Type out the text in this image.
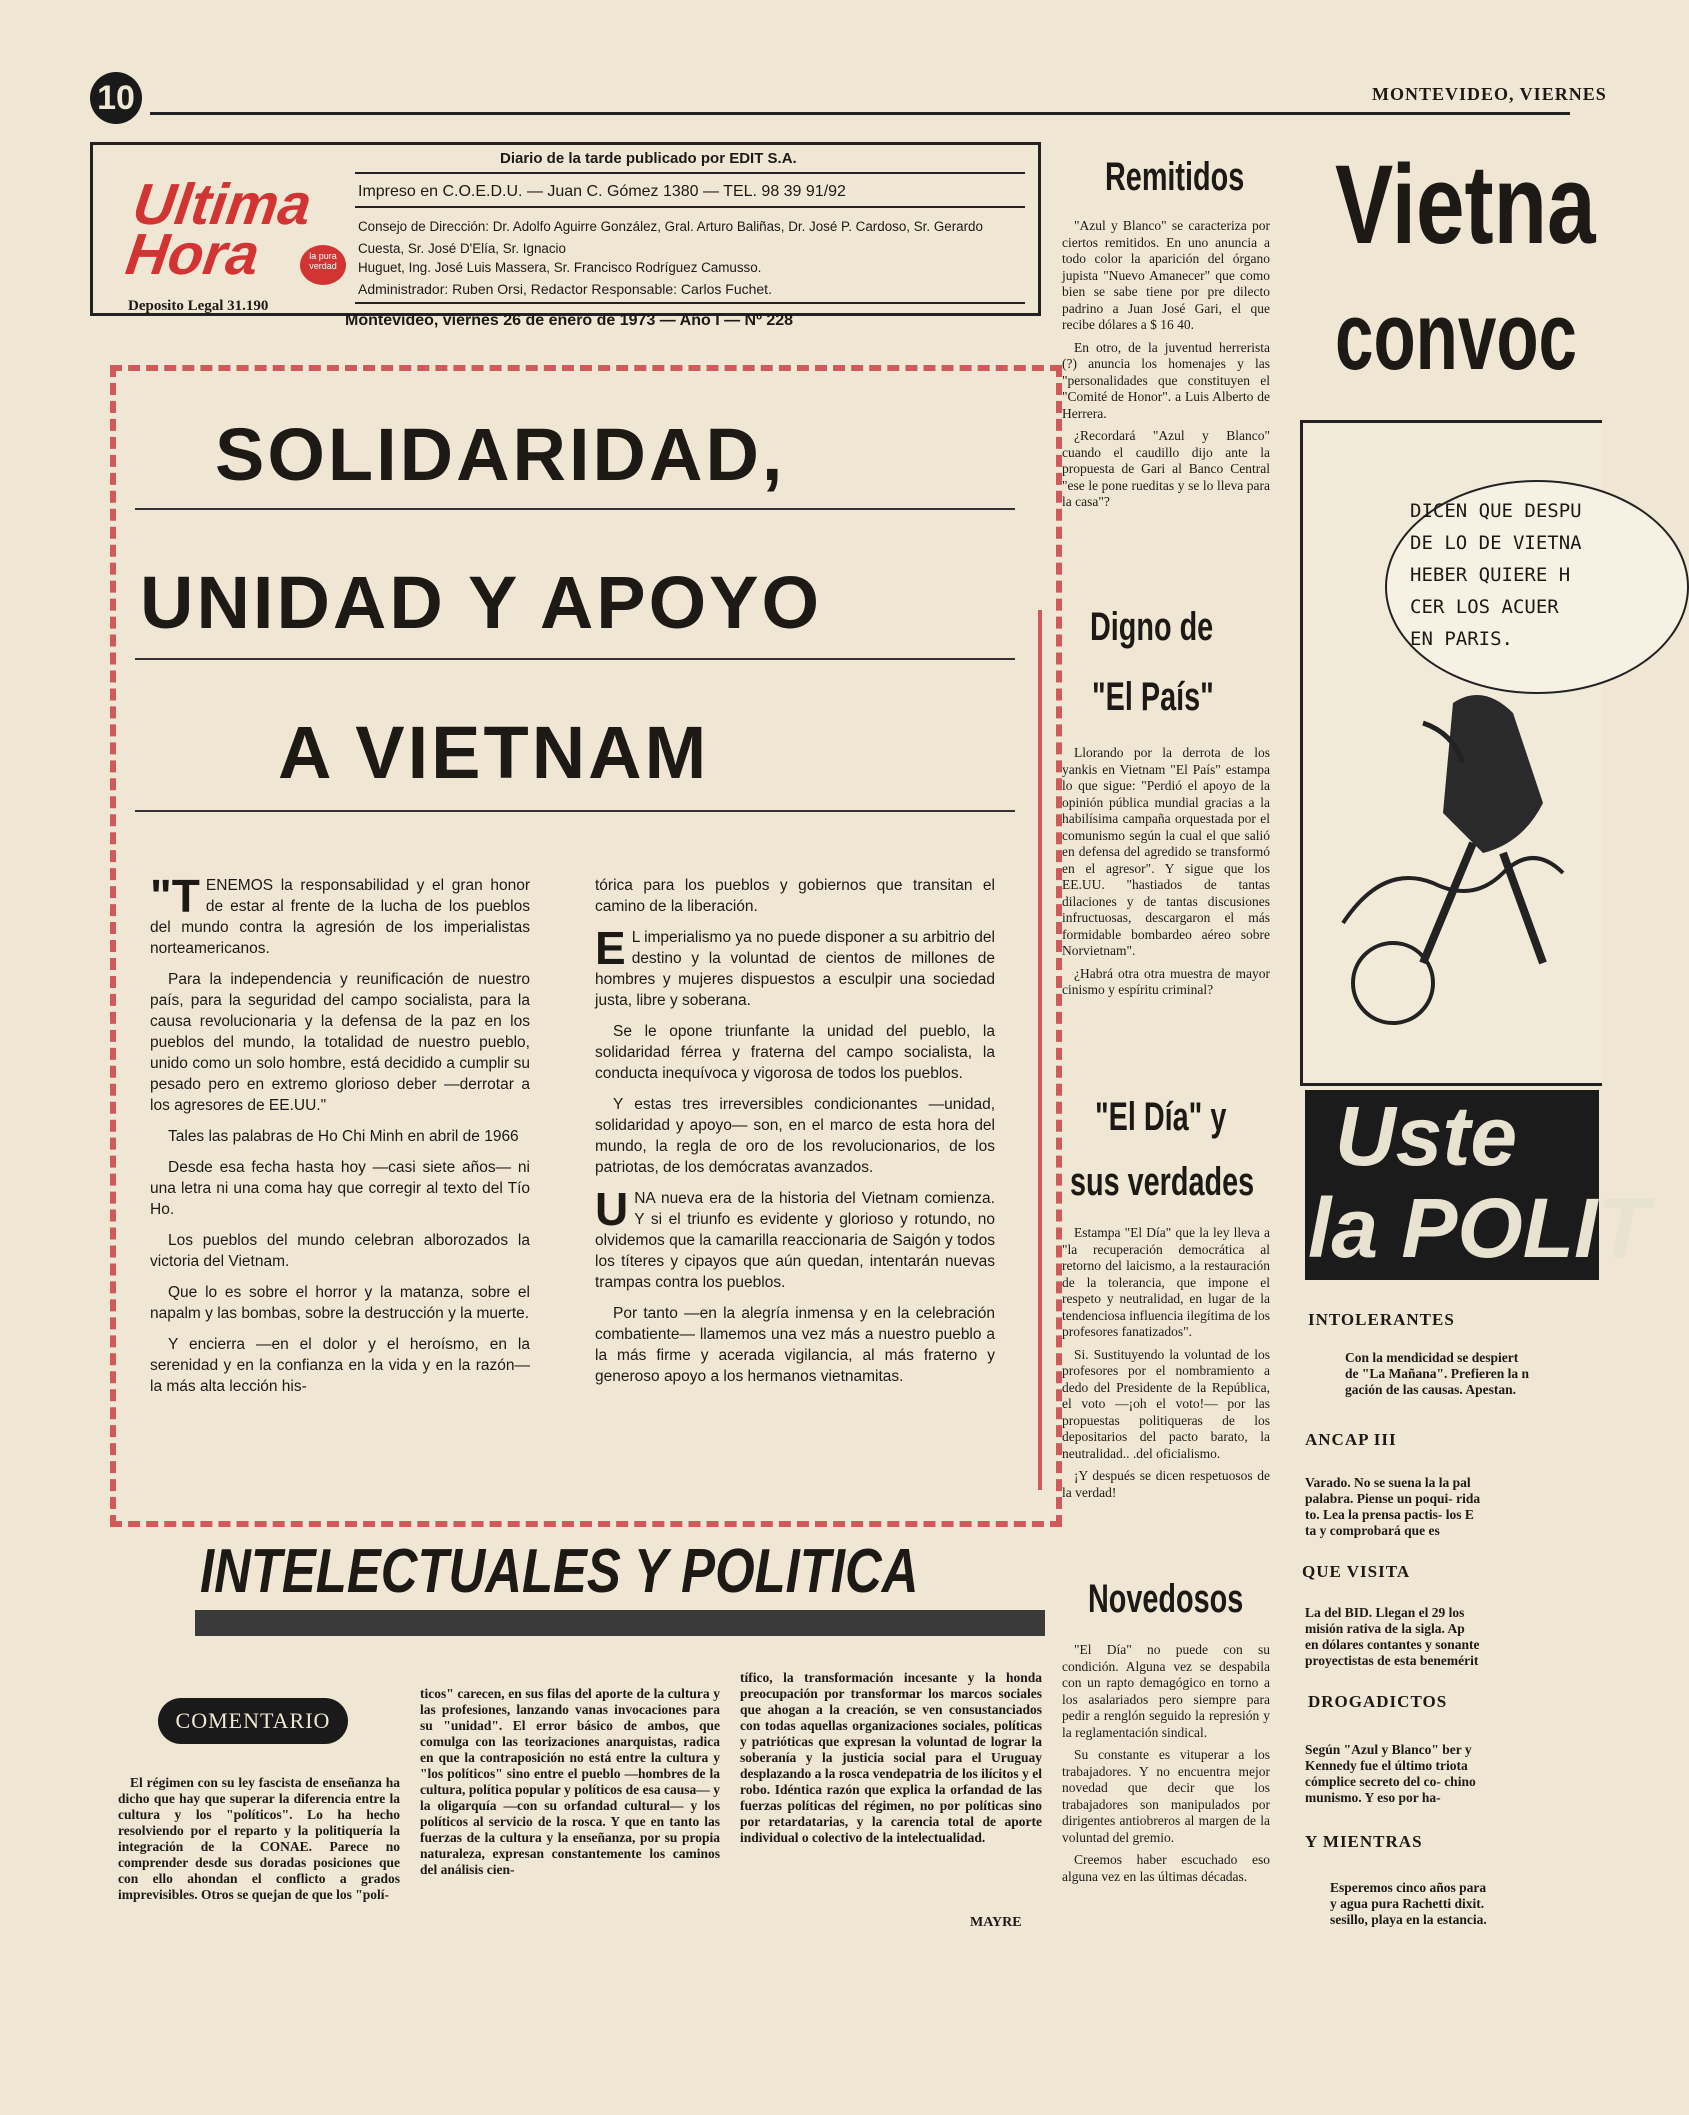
10	MONTEVIDEO, VIERNES
Ultima
Hora	la pura verdad
Deposito Legal 31.190
Diario de la tarde publicado por EDIT S.A.
Impreso en C.O.E.D.U. — Juan C. Gómez 1380 — TEL. 98 39 91/92
Consejo de Dirección: Dr. Adolfo Aguirre González, Gral. Arturo Baliñas, Dr. José P. Cardoso, Sr. Gerardo Cuesta, Sr. José D'Elía, Sr. Ignacio
Huguet, Ing. José Luis Massera, Sr. Francisco Rodríguez Camusso.
Administrador: Ruben Orsi, Redactor Responsable: Carlos Fuchet.
Montevideo, viernes 26 de enero de 1973 — Año I — Nº 228
SOLIDARIDAD,
UNIDAD Y APOYO
A VIETNAM
"T ENEMOS la responsabilidad y el gran honor de estar al frente de la lucha de los pueblos del mundo contra la agresión de los imperialistas norteamericanos.

Para la independencia y reunificación de nuestro país, para la seguridad del campo socialista, para la causa revolucionaria y la defensa de la paz en los pueblos del mundo, la totalidad de nuestro pueblo, unido como un solo hombre, está decidido a cumplir su pesado pero en extremo glorioso deber —derrotar a los agresores de EE.UU."

Tales las palabras de Ho Chi Minh en abril de 1966

Desde esa fecha hasta hoy —casi siete años— ni una letra ni una coma hay que corregir al texto del Tío Ho.

Los pueblos del mundo celebran alborozados la victoria del Vietnam.

Que lo es sobre el horror y la matanza, sobre el napalm y las bombas, sobre la destrucción y la muerte.

Y encierra —en el dolor y el heroísmo, en la serenidad y en la confianza en la vida y en la razón— la más alta lección his-

tórica para los pueblos y gobiernos que transitan el camino de la liberación.

E L imperialismo ya no puede disponer a su arbitrio del destino y la voluntad de cientos de millones de hombres y mujeres dispuestos a esculpir una sociedad justa, libre y soberana.

Se le opone triunfante la unidad del pueblo, la solidaridad férrea y fraterna del campo socialista, la conducta inequívoca y vigorosa de todos los pueblos.

Y estas tres irreversibles condicionantes —unidad, solidaridad y apoyo— son, en el marco de esta hora del mundo, la regla de oro de los revolucionarios, de los patriotas, de los demócratas avanzados.

U NA nueva era de la historia del Vietnam comienza. Y si el triunfo es evidente y glorioso y rotundo, no olvidemos que la camarilla reaccionaria de Saigón y todos los títeres y cipayos que aún quedan, intentarán nuevas trampas contra los pueblos.

Por tanto —en la alegría inmensa y en la celebración combatiente— llamemos una vez más a nuestro pueblo a la más firme y acerada vigilancia, al más fraterno y generoso apoyo a los hermanos vietnamitas.

Remitidos

"Azul y Blanco" se caracteriza por ciertos remitidos. En uno anuncia a todo color la aparición del órgano jupista "Nuevo Amanecer" que como bien se sabe tiene por pre dilecto padrino a Juan José Gari, el que recibe dólares a $ 16 40.

En otro, de la juventud herrerista (?) anuncia los homenajes y las "personalidades que constituyen el "Comité de Honor". a Luis Alberto de Herrera.

¿Recordará "Azul y Blanco" cuando el caudillo dijo ante la propuesta de Gari al Banco Central "ese le pone rueditas y se lo lleva para la casa"?

Digno de
"El País"

Llorando por la derrota de los yankis en Vietnam "El País" estampa lo que sigue: "Perdió el apoyo de la opinión pública mundial gracias a la habilísima campaña orquestada por el comunismo según la cual el que salió en defensa del agredido se transformó en el agresor". Y sigue que los EE.UU. "hastiados de tantas dilaciones y de tantas discusiones infructuosas, descargaron el más formidable bombardeo aéreo sobre Norvietnam".

¿Habrá otra otra muestra de mayor cinismo y espíritu criminal?

"El Día" y
sus verdades

Estampa "El Día" que la ley lleva a "la recuperación democrática al retorno del laicismo, a la restauración de la tolerancia, que impone el respeto y neutralidad, en lugar de la tendenciosa influencia ilegítima de los profesores fanatizados".

Si. Sustituyendo la voluntad de los profesores por el nombramiento a dedo del Presidente de la República, el voto —¡oh el voto!— por las propuestas politiqueras de los depositarios del pacto barato, la neutralidad.. .del oficialismo.

¡Y después se dicen respetuosos de la verdad!

Novedosos

"El Día" no puede con su condición. Alguna vez se despabila con un rapto demagógico en torno a los asalariados pero siempre para pedir a renglón seguido la represión y la reglamentación sindical.

Su constante es vituperar a los trabajadores. Y no encuentra mejor novedad que decir que los trabajadores son manipulados por dirigentes antiobreros al margen de la voluntad del gremio.

Creemos haber escuchado eso alguna vez en las últimas décadas.

INTELECTUALES Y POLITICA
COMENTARIO

El régimen con su ley fascista de enseñanza ha dicho que hay que superar la diferencia entre la cultura y los "políticos". Lo ha hecho resolviendo por el reparto y la politiquería la integración de la CONAE. Parece no comprender desde sus doradas posiciones que con ello ahondan el conflicto a grados imprevisibles. Otros se quejan de que los "polí-

ticos" carecen, en sus filas del aporte de la cultura y las profesiones, lanzando vanas invocaciones para su "unidad". El error básico de ambos, que comulga con las teorizaciones anarquistas, radica en que la contraposición no está entre la cultura y "los políticos" sino entre el pueblo —hombres de la cultura, política popular y políticos de esa causa— y la oligarquía —con su orfandad cultural— y los políticos al servicio de la rosca. Y que en tanto las fuerzas de la cultura y la enseñanza, por su propia naturaleza, expresan constantemente los caminos del análisis cien-

tífico, la transformación incesante y la honda preocupación por transformar los marcos sociales que ahogan a la creación, se ven consustanciados con todas aquellas organizaciones sociales, políticas y patrióticas que expresan la voluntad de lograr la soberanía y la justicia social para el Uruguay desplazando a la rosca vendepatria de los ilícitos y el robo. Idéntica razón que explica la orfandad de las fuerzas políticas del régimen, no por políticas sino por retardatarias, y la carencia total de aporte individual o colectivo de la intelectualidad.

MAYRE
Vietna
convoc
DICEN QUE DESPU
DE LO DE VIETNA
HEBER QUIERE H
CER LOS ACUER
EN PARIS.
Uste
la POLIT
INTOLERANTES
Con la mendicidad se despiert
de "La Mañana". Prefieren la n
gación de las causas. Apestan.
ANCAP III
Varado. No se suena la la pal
palabra. Piense un poqui- rida
to. Lea la prensa pactis- los E
ta y comprobará que es
QUE VISITA
La del BID. Llegan el 29 los
misión rativa de la sigla. Ap
en dólares contantes y sonante
proyectistas de esta benemérit
DROGADICTOS
Según "Azul y Blanco" ber y
Kennedy fue el último triota
cómplice secreto del co- chino
munismo. Y eso por ha-
Y MIENTRAS
Esperemos cinco años para
y agua pura Rachetti dixit.
sesillo, playa en la estancia.
